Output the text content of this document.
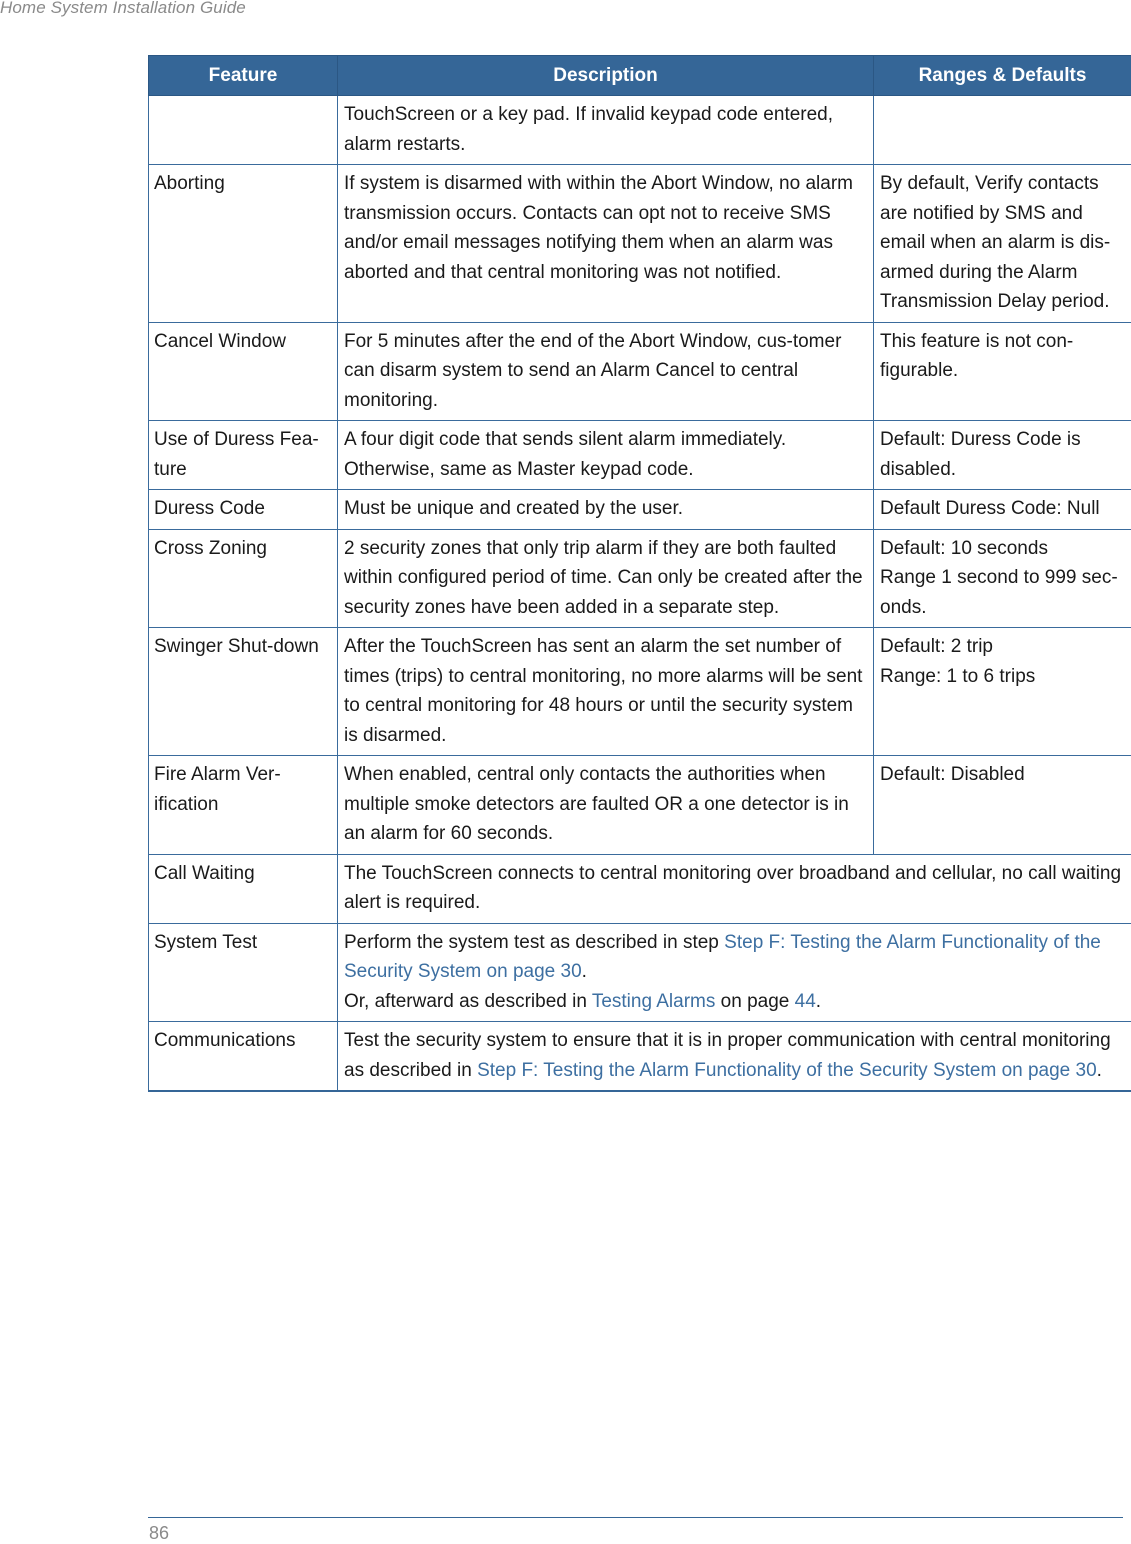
Home System Installation Guide
Feature	Description	Ranges & Defaults
	TouchScreen or a key pad. If invalid keypad code entered, alarm restarts.	
Aborting	If system is disarmed with within the Abort Window, no alarm transmission occurs. Contacts can opt not to receive SMS and/or email messages notifying them when an alarm was aborted and that central monitoring was not notified.	By default, Verify contacts are notified by SMS and email when an alarm is dis-armed during the Alarm Transmission Delay period.
Cancel Window	For 5 minutes after the end of the Abort Window, cus-tomer can disarm system to send an Alarm Cancel to central monitoring.	This feature is not con-figurable.
Use of Duress Fea-ture	A four digit code that sends silent alarm immediately. Otherwise, same as Master keypad code.	Default: Duress Code is disabled.
Duress Code	Must be unique and created by the user.	Default Duress Code: Null
Cross Zoning	2 security zones that only trip alarm if they are both faulted within configured period of time. Can only be created after the security zones have been added in a separate step.	Default: 10 seconds
Range 1 second to 999 sec-onds.

Swinger Shut-down	After the TouchScreen has sent an alarm the set number of times (trips) to central monitoring, no more alarms will be sent to central monitoring for 48 hours or until the security system is disarmed.	Default: 2 trip
Range: 1 to 6 trips

Fire Alarm Ver-ification	When enabled, central only contacts the authorities when multiple smoke detectors are faulted OR a one detector is in an alarm for 60 seconds.	Default: Disabled
Call Waiting	The TouchScreen connects to central monitoring over broadband and cellular, no call waiting alert is required.	
System Test	Perform the system test as described in step Step F: Testing the Alarm Functionality of the Security System on page 30.
Or, afterward as described in Testing Alarms on page 44.	
Communications	Test the security system to ensure that it is in proper communication with central monitoring as described in Step F: Testing the Alarm Functionality of the Security System on page 30.	
86
